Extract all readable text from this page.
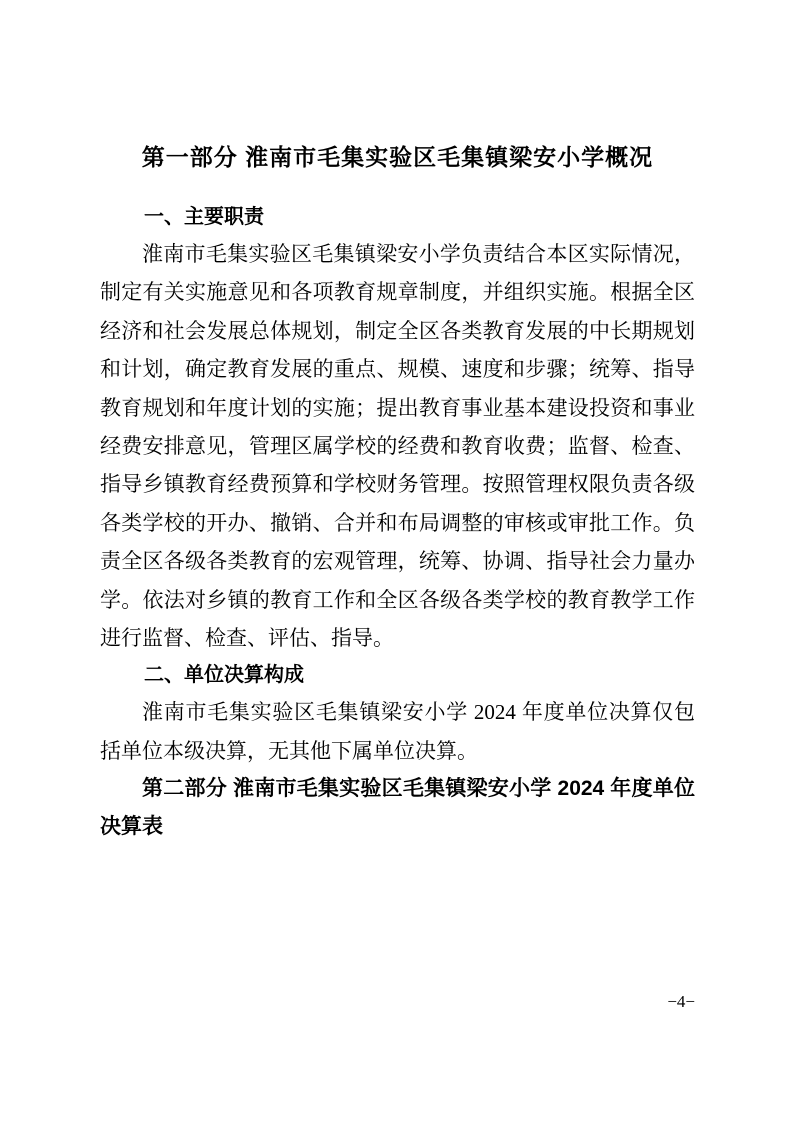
第一部分 淮南市毛集实验区毛集镇梁安小学概况
一、主要职责
淮南市毛集实验区毛集镇梁安小学负责结合本区实际情况，
制定有关实施意见和各项教育规章制度，并组织实施。根据全区
经济和社会发展总体规划，制定全区各类教育发展的中长期规划
和计划，确定教育发展的重点、规模、速度和步骤；统筹、指导
教育规划和年度计划的实施；提出教育事业基本建设投资和事业
经费安排意见，管理区属学校的经费和教育收费；监督、检查、
指导乡镇教育经费预算和学校财务管理。按照管理权限负责各级
各类学校的开办、撤销、合并和布局调整的审核或审批工作。负
责全区各级各类教育的宏观管理，统筹、协调、指导社会力量办
学。依法对乡镇的教育工作和全区各级各类学校的教育教学工作
进行监督、检查、评估、指导。
二、单位决算构成
淮南市毛集实验区毛集镇梁安小学 2024 年度单位决算仅包
括单位本级决算，无其他下属单位决算。
第二部分 淮南市毛集实验区毛集镇梁安小学 2024 年度单位
决算表
−4−
